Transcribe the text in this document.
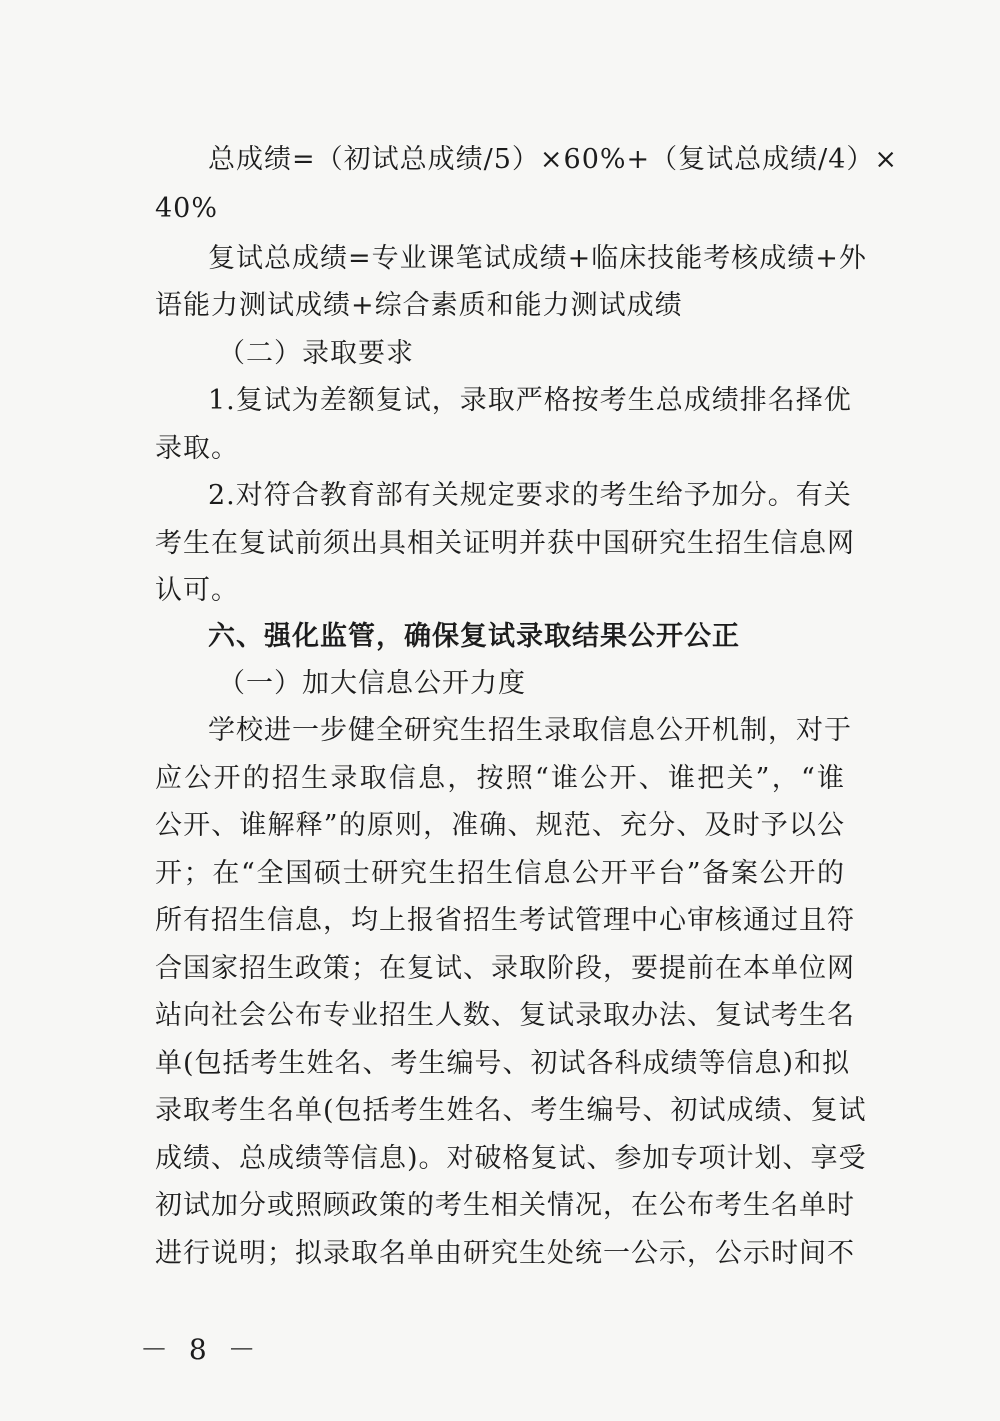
总成绩=（初试总成绩/5）×60%+（复试总成绩/4）×
40%
复试总成绩=专业课笔试成绩+临床技能考核成绩+外
语能力测试成绩+综合素质和能力测试成绩
（二）录取要求
1.复试为差额复试，录取严格按考生总成绩排名择优
录取。
2.对符合教育部有关规定要求的考生给予加分。有关
考生在复试前须出具相关证明并获中国研究生招生信息网
认可。
六、强化监管，确保复试录取结果公开公正
（一）加大信息公开力度
学校进一步健全研究生招生录取信息公开机制，对于
应公开的招生录取信息，按照“谁公开、谁把关”，“谁
公开、谁解释”的原则，准确、规范、充分、及时予以公
开；在“全国硕士研究生招生信息公开平台”备案公开的
所有招生信息，均上报省招生考试管理中心审核通过且符
合国家招生政策；在复试、录取阶段，要提前在本单位网
站向社会公布专业招生人数、复试录取办法、复试考生名
单(包括考生姓名、考生编号、初试各科成绩等信息)和拟
录取考生名单(包括考生姓名、考生编号、初试成绩、复试
成绩、总成绩等信息)。对破格复试、参加专项计划、享受
初试加分或照顾政策的考生相关情况，在公布考生名单时
进行说明；拟录取名单由研究生处统一公示，公示时间不
－ 8 －
